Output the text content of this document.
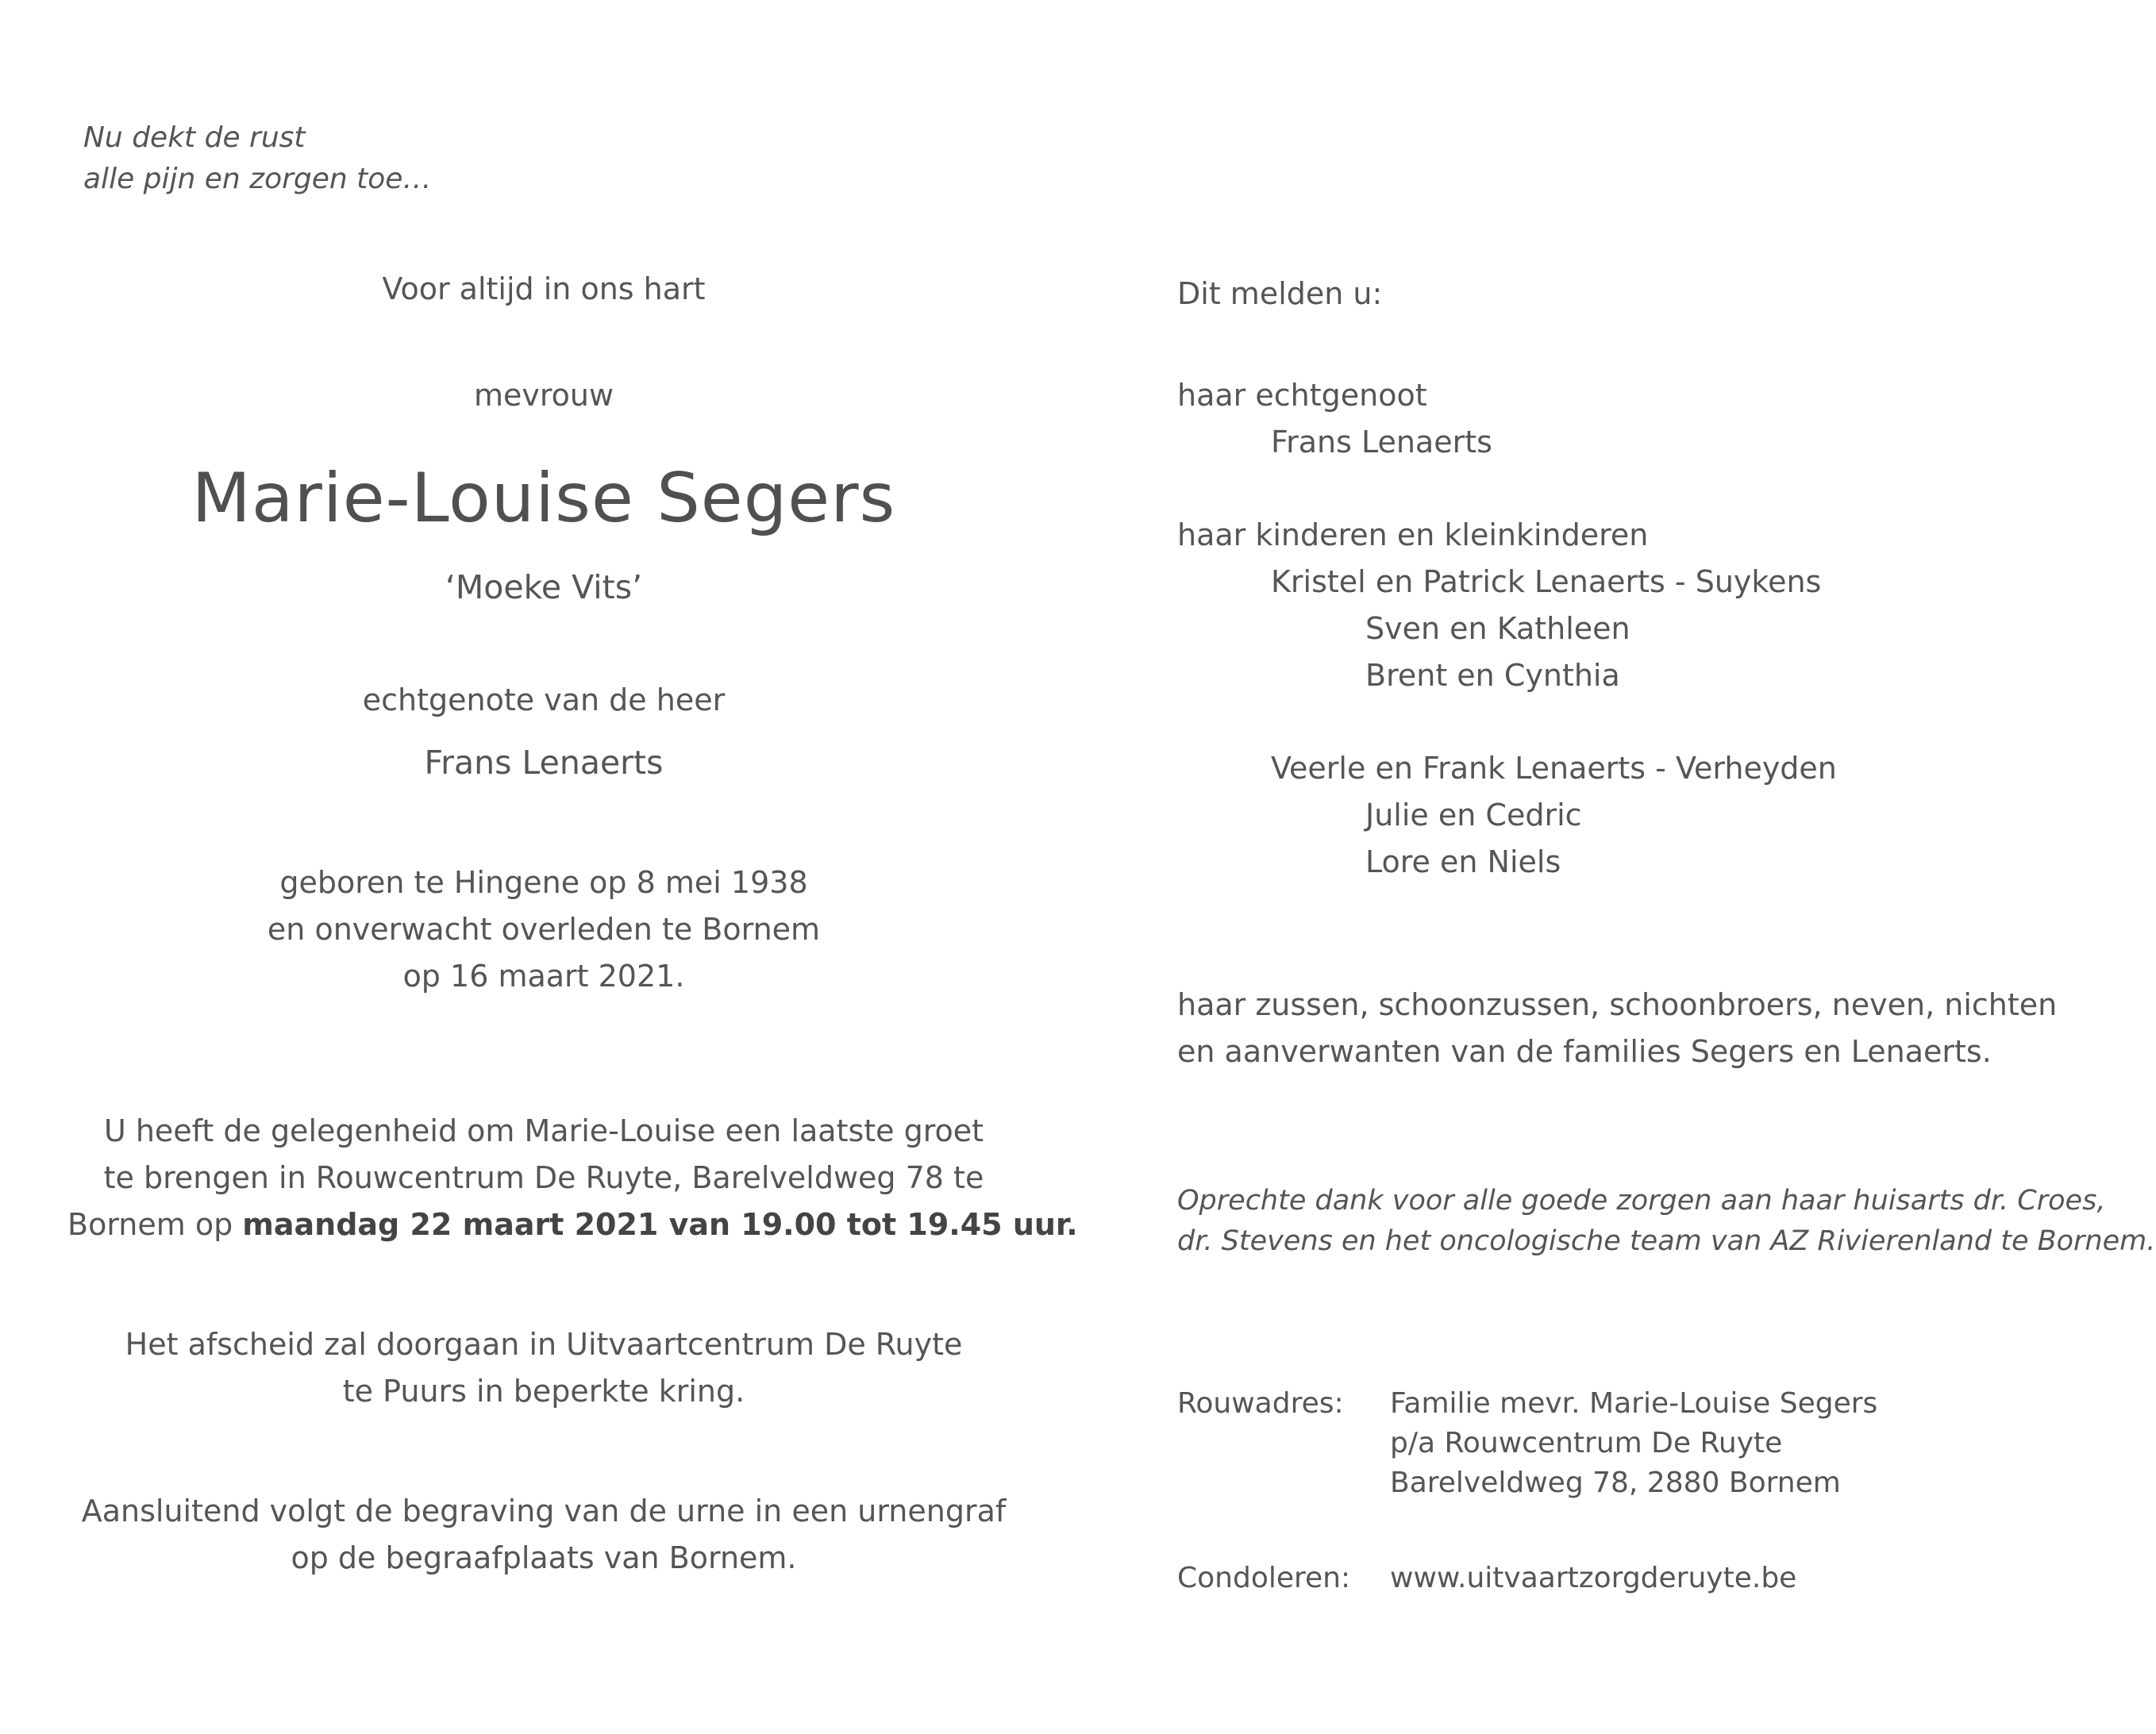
Nu dekt de rust
alle pijn en zorgen toe…
Voor altijd in ons hart
mevrouw
Marie-Louise Segers
‘Moeke Vits’
echtgenote van de heer
Frans Lenaerts
geboren te Hingene op 8 mei 1938
en onverwacht overleden te Bornem
op 16 maart 2021.
U heeft de gelegenheid om Marie-Louise een laatste groet
te brengen in Rouwcentrum De Ruyte, Barelveldweg 78 te
Bornem op maandag 22 maart 2021 van 19.00 tot 19.45 uur.
Het afscheid zal doorgaan in Uitvaartcentrum De Ruyte
te Puurs in beperkte kring.
Aansluitend volgt de begraving van de urne in een urnengraf
op de begraafplaats van Bornem.
Dit melden u:
haar echtgenoot
Frans Lenaerts
haar kinderen en kleinkinderen
Kristel en Patrick Lenaerts - Suykens
Sven en Kathleen
Brent en Cynthia
Veerle en Frank Lenaerts - Verheyden
Julie en Cedric
Lore en Niels
haar zussen, schoonzussen, schoonbroers, neven, nichten
en aanverwanten van de families Segers en Lenaerts.
Oprechte dank voor alle goede zorgen aan haar huisarts dr. Croes,
dr. Stevens en het oncologische team van AZ Rivierenland te Bornem.
Rouwadres: Familie mevr. Marie-Louise Segers
p/a Rouwcentrum De Ruyte
Barelveldweg 78, 2880 Bornem
Condoleren: www.uitvaartzorgderuyte.be
